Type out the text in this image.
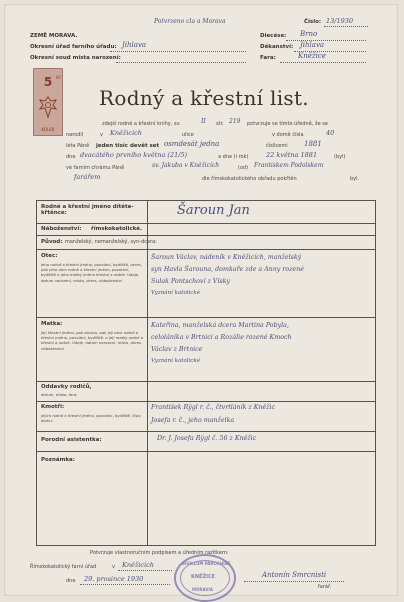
Potvrzeno cla a Morava	Číslo: 13/1930
ZEMĚ MORAVA.
Okresní úřad farního úřadu: Jihlava
Diecése: Brno
Okresní soud místa narození:
Děkanství: Jihlava
Fara:	Kněžice
5	Kč
KOLEK
Rodný a křestní list.
zdejší rodné a křestní knihy, sv.	II str. 219 potvrzuje se tímto úředně, že se
narodil	v Kněžicích	ulice	v domě čísla	40
léta Páně jeden tisíc devět set osmdesát jedna	číslicemi 1881
dne dvacátého prvního května (21/5)	a dne (i rok)	22 května 1881	(byl)
ve farním chrámu Páně	sv. Jakuba v Kněžicích	(od) Frantiskem Podolskem
farářem	dle římskokatolického obřadu pokřtěn	byl.
Rodné a křestní jméno dítěte-křtěnce:	Šaroun Jan
Náboženství: římskokatolické.
Původ: manželský, nemanželský, syn-dcera:
Otec:
jeho rodné a křestní jméno, povolání, bydliště, okres, pak jeho otce rodné a křestní jméno, povolání, bydliště a jeho matky jméno křestní a rodné. Údaje, datum narození, místo, okres, náboženství
Šaroun Václav, nádeník v Kněžicích, manželský
syn Havla Šarouna, domkaře zde a Anny rozené
Sulak Pontschoví z Vísky
Vyznání katolické
Matka:
její křestní jméno, pak otcovo, pak její otce rodné a křestní jméno, povolání, bydliště, a její matky rodné a křestní a rodné. Údaje, datum narození, místo, okres, náboženství
Kateřina, manželská dcera Martina Pobyla,
celoláníka v Brtnici a Rozálie rozené Kmoch
Václav z Brtnice
Vyznání katolické
Oddavky rodičů,
datum, místo, fara:
Kmotři:
jejich rodné a křestní jméno, povolání, bydliště, číslo domu:
František Rýgl r. č., čtvrtláník z Kněžic
Josefa r. č., jeho manželka
Porodní asistentka:	Dr. J. Josefa Rýgl č. 56 z Kněžic
Poznámka:
Potvrzuje vlastnoručním podpisem a úředním razítkem:
Římskokatolický farní úřad	v Kněžicích
dne 29. prosince 1930	Antonín Smrcnisti
farář.
SIGILLUM PAROCHIAE
KNĚŽICE
MORAVIA
